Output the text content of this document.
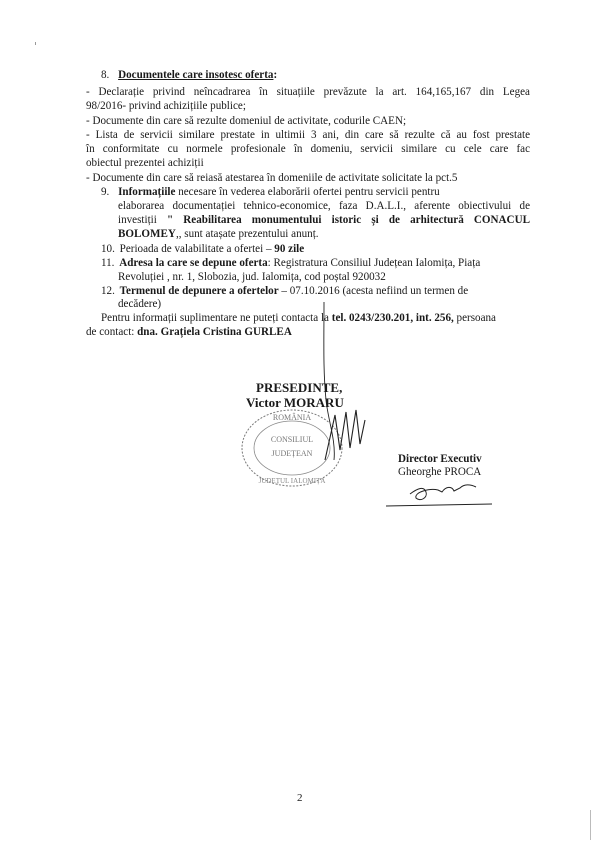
8. Documentele care insotesc oferta:
- Declarație privind neîncadrarea în situațiile prevăzute la art. 164,165,167 din Legea
98/2016- privind achizițiile publice;
- Documente din care să rezulte domeniul de activitate, codurile CAEN;
- Lista de servicii similare prestate in ultimii 3 ani, din care să rezulte că au fost prestate
în conformitate cu normele profesionale în domeniu, servicii similare cu cele care fac
obiectul prezentei achiziții
- Documente din care să reiasă atestarea în domeniile de activitate solicitate la pct.5
9. Informațiile necesare în vederea elaborării ofertei pentru servicii pentru
elaborarea documentației tehnico-economice, faza D.A.L.I., aferente obiectivului de
investiții " Reabilitarea monumentului istoric și de arhitectură CONACUL
BOLOMEY,, sunt atașate prezentului anunț.
10. Perioada de valabilitate a ofertei – 90 zile
11. Adresa la care se depune oferta: Registratura Consiliul Județean Ialomița, Piața
Revoluției , nr. 1, Slobozia, jud. Ialomița, cod poștal 920032
12. Termenul de depunere a ofertelor – 07.10.2016 (acesta nefiind un termen de
decădere)
Pentru informații suplimentare ne puteți contacta la tel. 0243/230.201, int. 256, persoana
de contact: dna. Grațiela Cristina GURLEA
PRESEDINTE,
Victor MORARU
ROMÂNIA
CONSILIUL
JUDEȚEAN
JUDEȚUL IALOMIȚA
Director Executiv
Gheorghe PROCA
2
